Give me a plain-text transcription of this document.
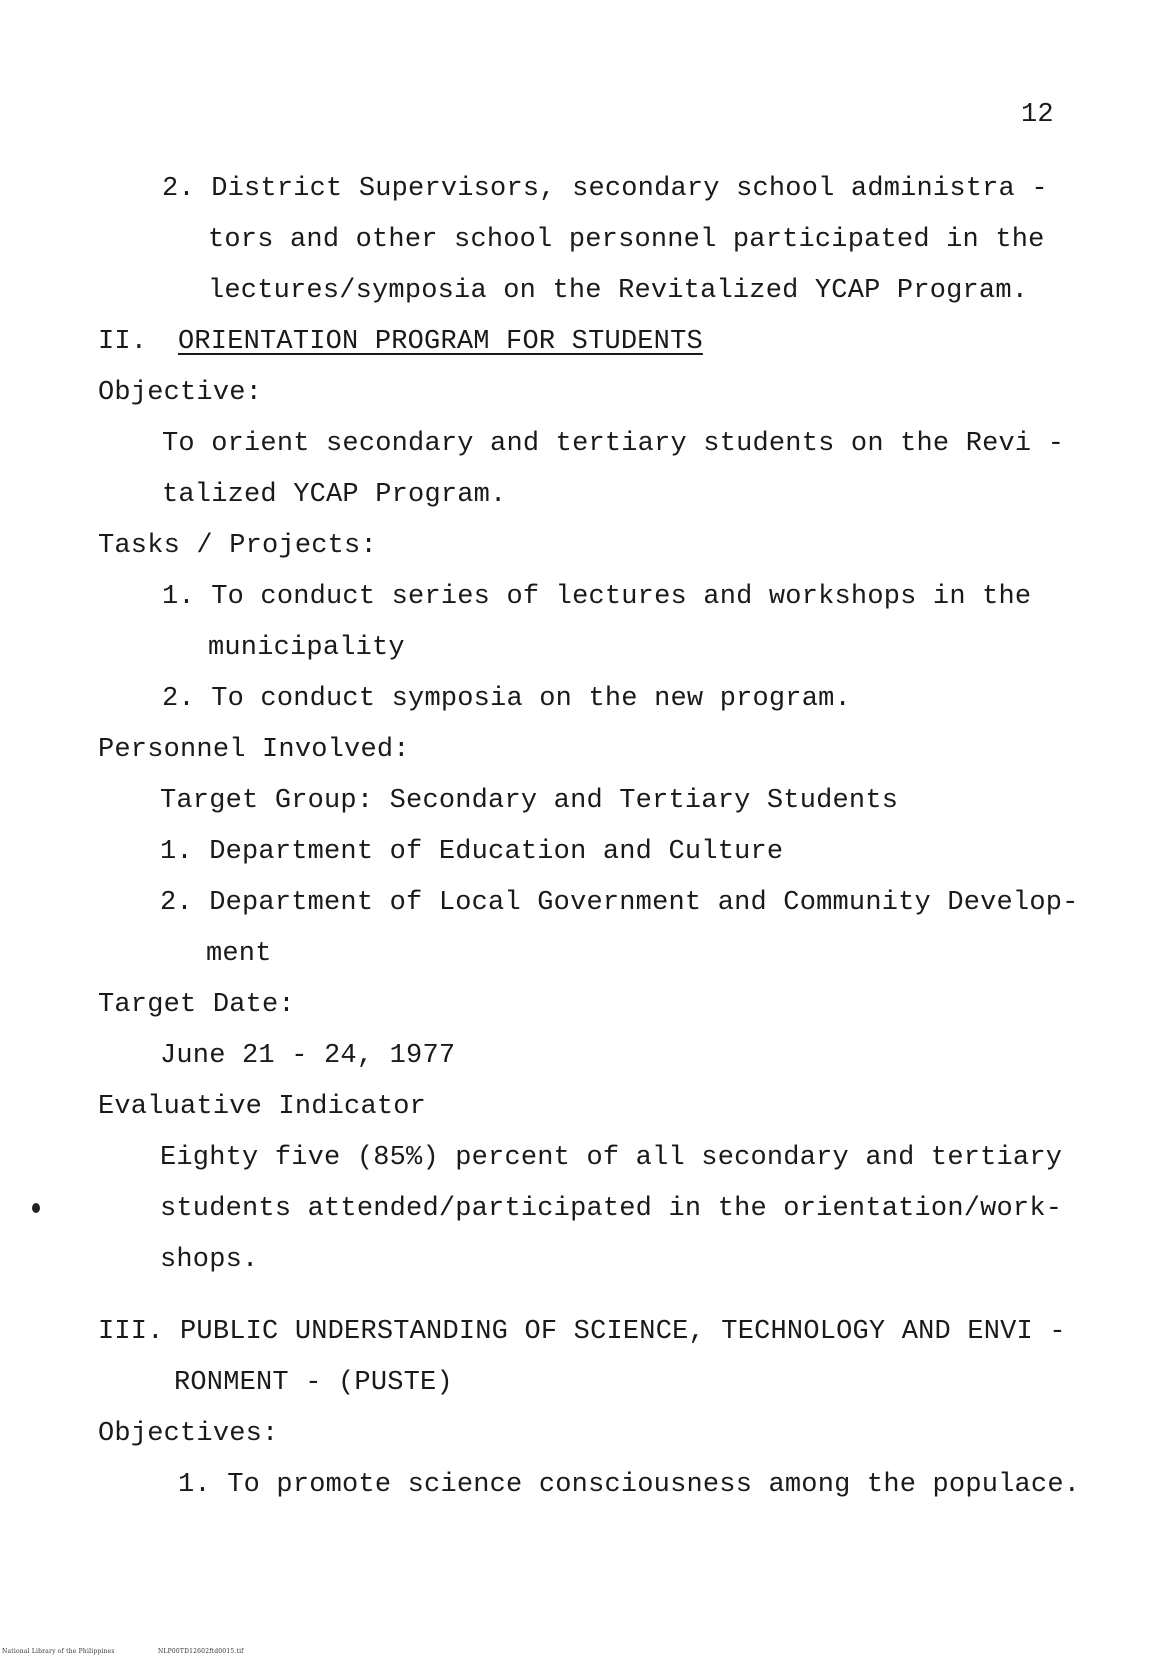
12
2. District Supervisors, secondary school administra -
tors and other school personnel participated in the
lectures/symposia on the Revitalized YCAP Program.
II. ORIENTATION PROGRAM FOR STUDENTS
Objective:
To orient secondary and tertiary students on the Revi -
talized YCAP Program.
Tasks / Projects:
1. To conduct series of lectures and workshops in the
municipality
2. To conduct symposia on the new program.
Personnel Involved:
Target Group: Secondary and Tertiary Students
1. Department of Education and Culture
2. Department of Local Government and Community Develop-
ment
Target Date:
June 21 - 24, 1977
Evaluative Indicator
Eighty five (85%) percent of all secondary and tertiary
students attended/participated in the orientation/work-
shops.
III. PUBLIC UNDERSTANDING OF SCIENCE, TECHNOLOGY AND ENVI -
RONMENT - (PUSTE)
Objectives:
1. To promote science consciousness among the populace.
National Library of the Philippines	NLP00TD12602ftd0015.tif
